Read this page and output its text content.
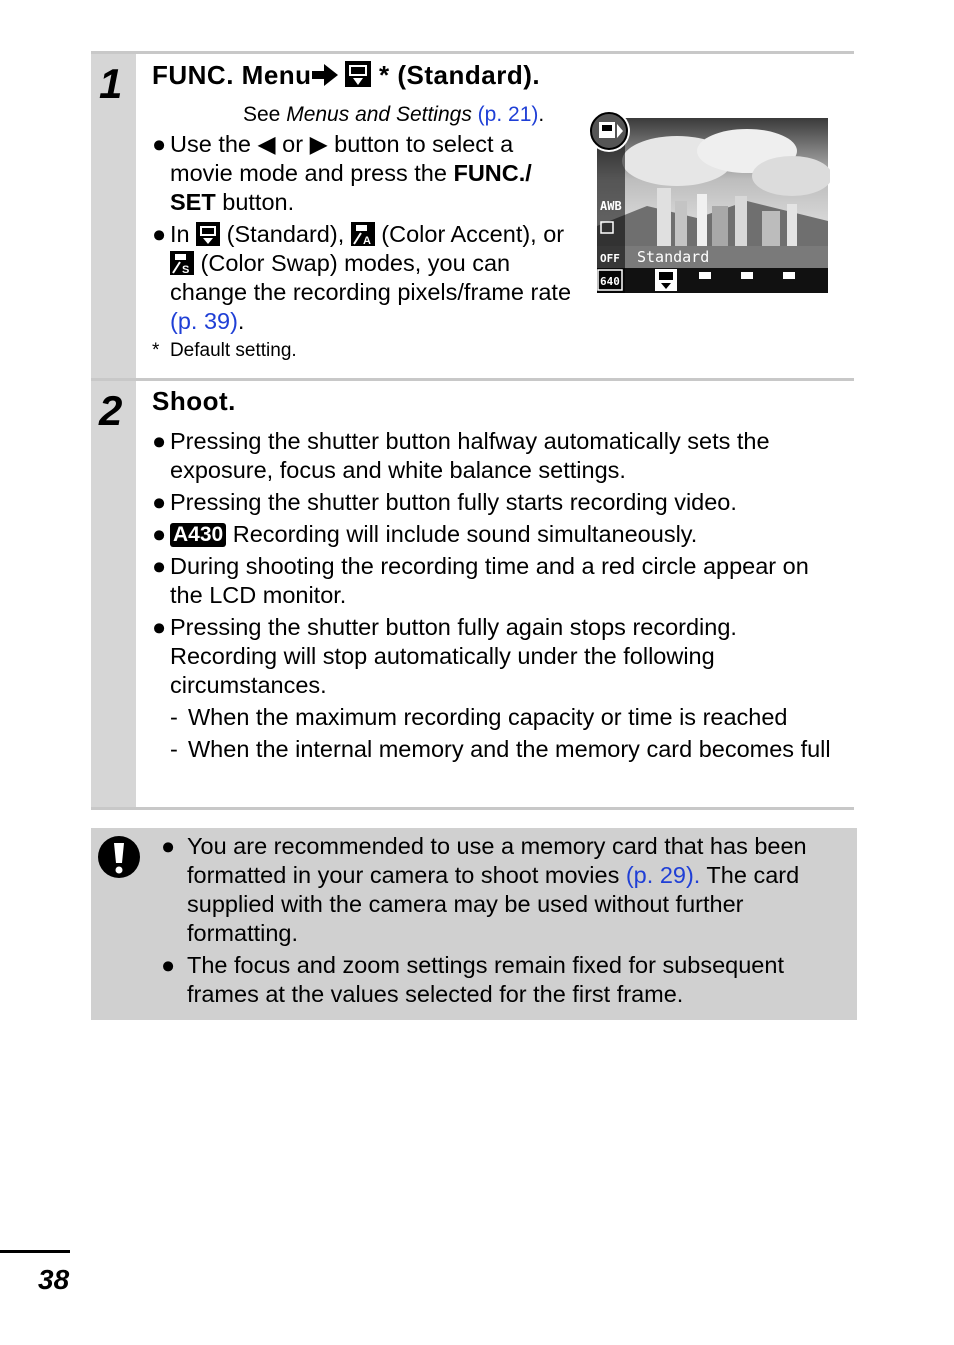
1 FUNC. Menu	* (Standard).
See Menus and Settings (p. 21).

● Use the ◀ or ▶ button to select a movie mode and press the FUNC./ SET button.

● In  (Standard), A (Color Accent), or
S (Color Swap) modes, you can change the recording pixels/frame rate (p. 39).

*  Default setting.
AWB
OFF
640
Standard
2 Shoot.

● Pressing the shutter button halfway automatically sets the exposure, focus and white balance settings.

● Pressing the shutter button fully starts recording video.

● A430 Recording will include sound simultaneously.

● During shooting the recording time and a red circle appear on the LCD monitor.

● Pressing the shutter button fully again stops recording. Recording will stop automatically under the following circumstances.

- When the maximum recording capacity or time is reached

- When the internal memory and the memory card becomes full

● You are recommended to use a memory card that has been formatted in your camera to shoot movies (p. 29). The card supplied with the camera may be used without further formatting.

● The focus and zoom settings remain fixed for subsequent frames at the values selected for the first frame.

38
